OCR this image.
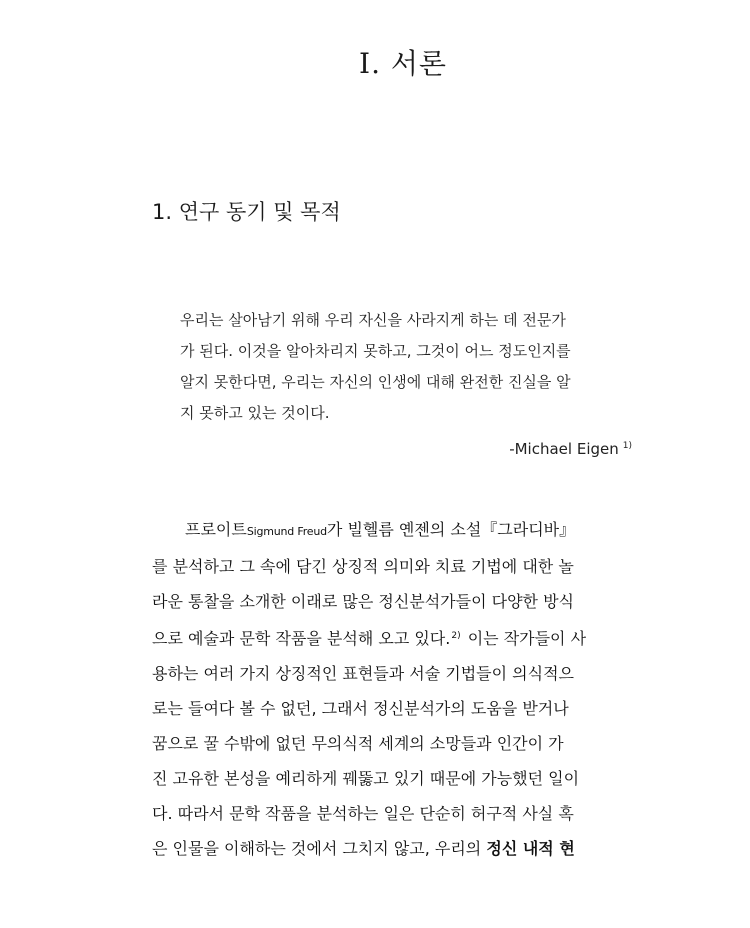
I. 서론
1. 연구 동기 및 목적
우리는 살아남기 위해 우리 자신을 사라지게 하는 데 전문가
가 된다. 이것을 알아차리지 못하고, 그것이 어느 정도인지를
알지 못한다면, 우리는 자신의 인생에 대해 완전한 진실을 알
지 못하고 있는 것이다.
-Michael Eigen $^{1)}$
프로이트Sigmund Freud가 빌헬름 옌젠의 소설『그라디바』
를 분석하고 그 속에 담긴 상징적 의미와 치료 기법에 대한 놀
라운 통찰을 소개한 이래로 많은 정신분석가들이 다양한 방식
으로 예술과 문학 작품을 분석해 오고 있다.$^{2)}$ 이는 작가들이 사
용하는 여러 가지 상징적인 표현들과 서술 기법들이 의식적으
로는 들여다 볼 수 없던, 그래서 정신분석가의 도움을 받거나
꿈으로 꿀 수밖에 없던 무의식적 세계의 소망들과 인간이 가
진 고유한 본성을 예리하게 꿰뚫고 있기 때문에 가능했던 일이
다. 따라서 문학 작품을 분석하는 일은 단순히 허구적 사실 혹
은 인물을 이해하는 것에서 그치지 않고, 우리의 정신 내적 현
